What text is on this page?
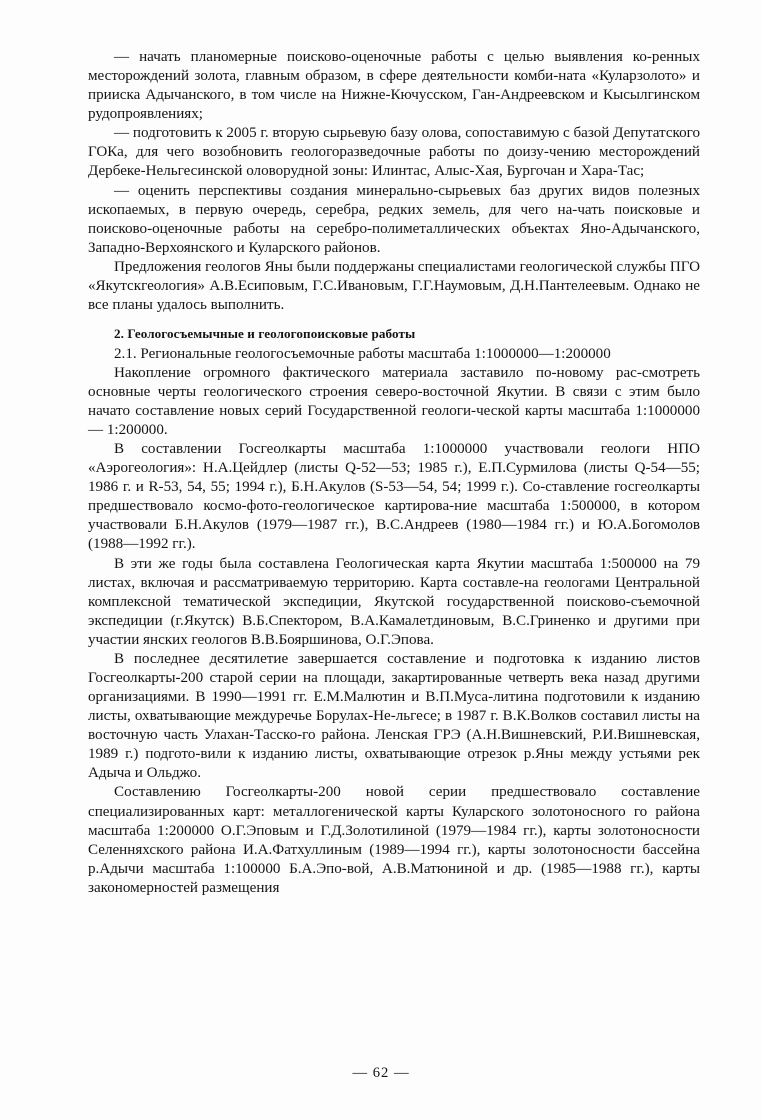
— начать планомерные поисково-оценочные работы с целью выявления ко-ренных месторождений золота, главным образом, в сфере деятельности комби-ната «Куларзолото» и прииска Адычанского, в том числе на Нижне-Кючусском, Ган-Андреевском и Кысылгинском рудопроявлениях;

— подготовить к 2005 г. вторую сырьевую базу олова, сопоставимую с базой Депутатского ГОКа, для чего возобновить геологоразведочные работы по доизу-чению месторождений Дербеке-Нельгесинской оловорудной зоны: Илинтас, Алыс-Хая, Бургочан и Хара-Тас;

— оценить перспективы создания минерально-сырьевых баз других видов полезных ископаемых, в первую очередь, серебра, редких земель, для чего на-чать поисковые и поисково-оценочные работы на серебро-полиметаллических объектах Яно-Адычанского, Западно-Верхоянского и Куларского районов.

Предложения геологов Яны были поддержаны специалистами геологической службы ПГО «Якутскгеология» А.В.Есиповым, Г.С.Ивановым, Г.Г.Наумовым, Д.Н.Пантелеевым. Однако не все планы удалось выполнить.

2. Геологосъемычные и геологопоисковые работы

2.1. Региональные геологосъемочные работы масштаба 1:1000000—1:200000

Накопление огромного фактического материала заставило по-новому рас-смотреть основные черты геологического строения северо-восточной Якутии. В связи с этим было начато составление новых серий Государственной геологи-ческой карты масштаба 1:1000000 — 1:200000.

В составлении Госгеолкарты масштаба 1:1000000 участвовали геологи НПО «Аэрогеология»: Н.А.Цейдлер (листы Q-52—53; 1985 г.), Е.П.Сурмилова (листы Q-54—55; 1986 г. и R-53, 54, 55; 1994 г.), Б.Н.Акулов (S-53—54, 54; 1999 г.). Со-ставление госгеолкарты предшествовало космо-фото-геологическое картирова-ние масштаба 1:500000, в котором участвовали Б.Н.Акулов (1979—1987 гг.), В.С.Андреев (1980—1984 гг.) и Ю.А.Богомолов (1988—1992 гг.).

В эти же годы была составлена Геологическая карта Якутии масштаба 1:500000 на 79 листах, включая и рассматриваемую территорию. Карта составле-на геологами Центральной комплексной тематической экспедиции, Якутской государственной поисково-съемочной экспедиции (г.Якутск) В.Б.Спектором, В.А.Камалетдиновым, В.С.Гриненко и другими при участии янских геологов В.В.Бояршинова, О.Г.Эпова.

В последнее десятилетие завершается составление и подготовка к изданию листов Госгеолкарты-200 старой серии на площади, закартированные четверть века назад другими организациями. В 1990—1991 гг. Е.М.Малютин и В.П.Муса-литина подготовили к изданию листы, охватывающие междуречье Борулах-Не-льгесе; в 1987 г. В.К.Волков составил листы на восточную часть Улахан-Тасско-го района. Ленская ГРЭ (А.Н.Вишневский, Р.И.Вишневская, 1989 г.) подгото-вили к изданию листы, охватывающие отрезок р.Яны между устьями рек Адыча и Ольджо.

Составлению Госгеолкарты-200 новой серии предшествовало составление специализированных карт: металлогенической карты Куларского золотоносного го района масштаба 1:200000 О.Г.Эповым и Г.Д.Золотилиной (1979—1984 гг.), карты золотоносности Селенняхского района И.А.Фатхуллиным (1989—1994 гг.), карты золотоносности бассейна р.Адычи масштаба 1:100000 Б.А.Эпо-вой, А.В.Матюниной и др. (1985—1988 гг.), карты закономерностей размещения

— 62 —
